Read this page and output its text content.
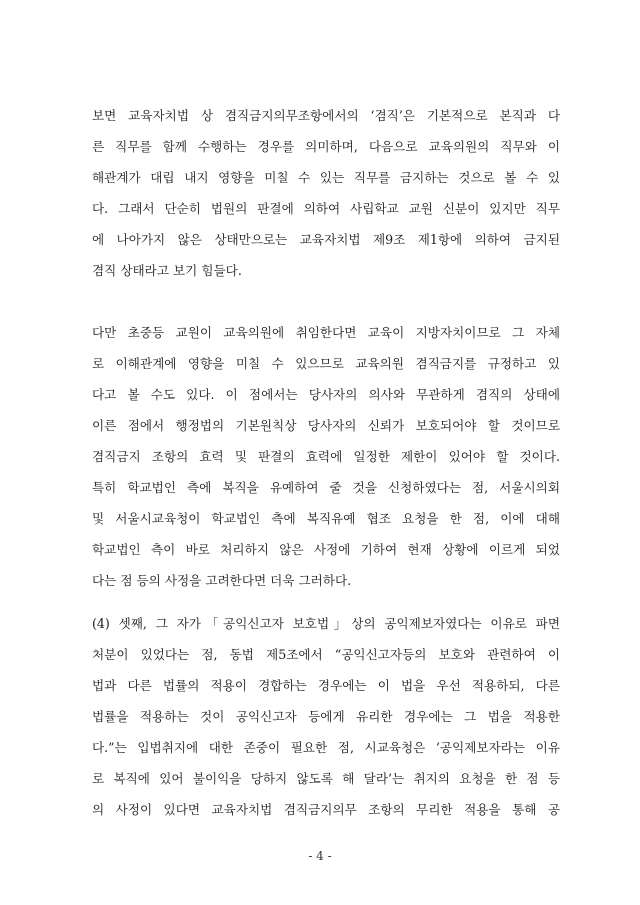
보면 교육자치법 상 겸직금지의무조항에서의 ‘겸직’은 기본적으로 본직과 다
른 직무를 함께 수행하는 경우를 의미하며, 다음으로 교육의원의 직무와 이
해관계가 대립 내지 영향을 미칠 수 있는 직무를 금지하는 것으로 볼 수 있
다. 그래서 단순히 법원의 판결에 의하여 사립학교 교원 신분이 있지만 직무
에 나아가지 않은 상태만으로는 교육자치법 제9조 제1항에 의하여 금지된
겸직 상태라고 보기 힘들다.
다만 초중등 교원이 교육의원에 취임한다면 교육이 지방자치이므로 그 자체
로 이해관계에 영향을 미칠 수 있으므로 교육의원 겸직금지를 규정하고 있
다고 볼 수도 있다. 이 점에서는 당사자의 의사와 무관하게 겸직의 상태에
이른 점에서 행정법의 기본원칙상 당사자의 신뢰가 보호되어야 할 것이므로
겸직금지 조항의 효력 및 판결의 효력에 일정한 제한이 있어야 할 것이다.
특히 학교법인 측에 복직을 유예하여 줄 것을 신청하였다는 점, 서울시의회
및 서울시교육청이 학교법인 측에 복직유예 협조 요청을 한 점, 이에 대해
학교법인 측이 바로 처리하지 않은 사정에 기하여 현재 상황에 이르게 되었
다는 점 등의 사정을 고려한다면 더욱 그러하다.
(4) 셋째, 그 자가「공익신고자 보호법」상의 공익제보자였다는 이유로 파면
처분이 있었다는 점, 동법 제5조에서 “공익신고자등의 보호와 관련하여 이
법과 다른 법률의 적용이 경합하는 경우에는 이 법을 우선 적용하되, 다른
법률을 적용하는 것이 공익신고자 등에게 유리한 경우에는 그 법을 적용한
다.”는 입법취지에 대한 존중이 필요한 점, 시교육청은 ‘공익제보자라는 이유
로 복직에 있어 불이익을 당하지 않도록 해 달라’는 취지의 요청을 한 점 등
의 사정이 있다면 교육자치법 겸직금지의무 조항의 무리한 적용을 통해 공
- 4 -
